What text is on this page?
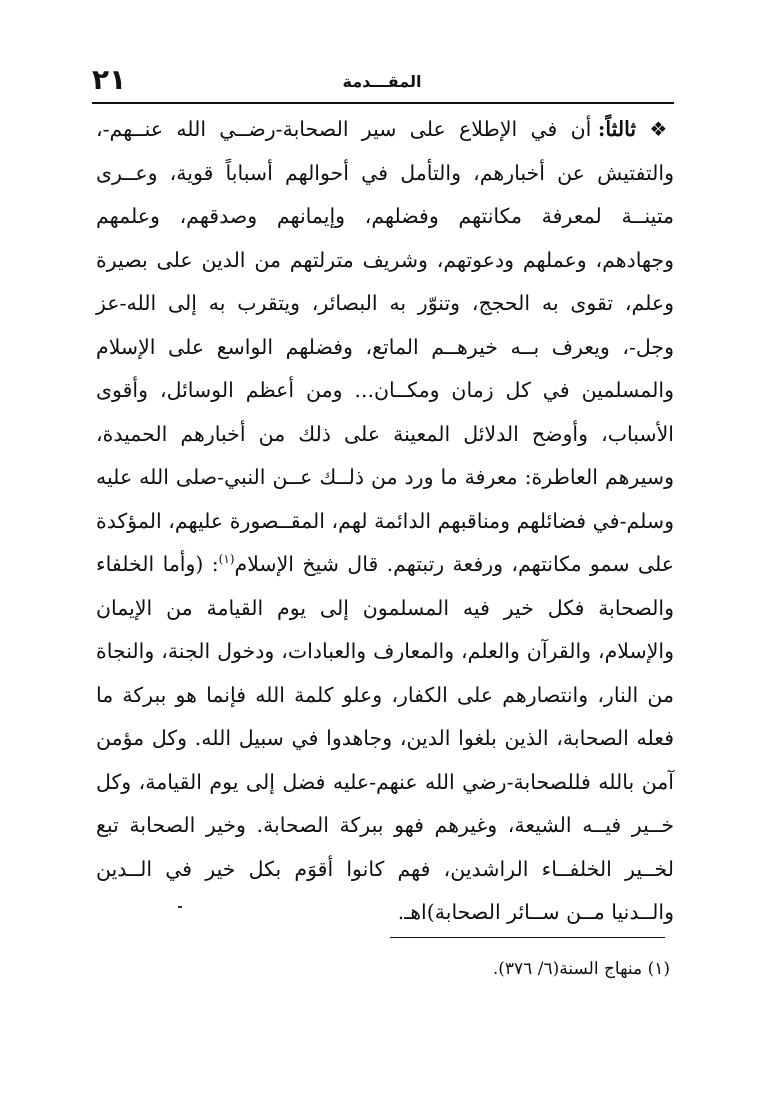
٢١	المقـــدمة

❖ ثالثاً: أن في الإطلاع على سير الصحابة-رضــي الله عنــهم-، والتفتيش عن أخبارهم، والتأمل في أحوالهم أسباباً قوية، وعــرى متينــة لمعرفة مكانتهم وفضلهم، وإيمانهم وصدقهم، وعلمهم وجهادهم، وعملهم ودعوتهم، وشريف مترلتهم من الدين على بصيرة وعلم، تقوى به الحجج، وتنوّر به البصائر، ويتقرب به إلى الله-عز وجل-، ويعرف بــه خيرهــم الماتع، وفضلهم الواسع على الإسلام والمسلمين في كل زمان ومكــان... ومن أعظم الوسائل، وأقوى الأسباب، وأوضح الدلائل المعينة على ذلك من أخبارهم الحميدة، وسيرهم العاطرة: معرفة ما ورد من ذلــك عــن النبي-صلى الله عليه وسلم-في فضائلهم ومناقبهم الدائمة لهم، المقــصورة عليهم، المؤكدة على سمو مكانتهم، ورفعة رتبتهم. قال شيخ الإسلام$^{(١)}$: (وأما الخلفاء والصحابة فكل خير فيه المسلمون إلى يوم القيامة من الإيمان والإسلام، والقرآن والعلم، والمعارف والعبادات، ودخول الجنة، والنجاة من النار، وانتصارهم على الكفار، وعلو كلمة الله فإنما هو ببركة ما فعله الصحابة، الذين بلغوا الدين، وجاهدوا في سبيل الله. وكل مؤمن آمن بالله فللصحابة-رضي الله عنهم-عليه فضل إلى يوم القيامة، وكل خــير فيــه الشيعة، وغيرهم فهو ببركة الصحابة. وخير الصحابة تبع لخــير الخلفــاء الراشدين، فهم كانوا أقوَم بكل خير في الــدين والــدنيا مــن ســائر الصحابة)اهـ.

(١) منهاج السنة(٦/ ٣٧٦).
